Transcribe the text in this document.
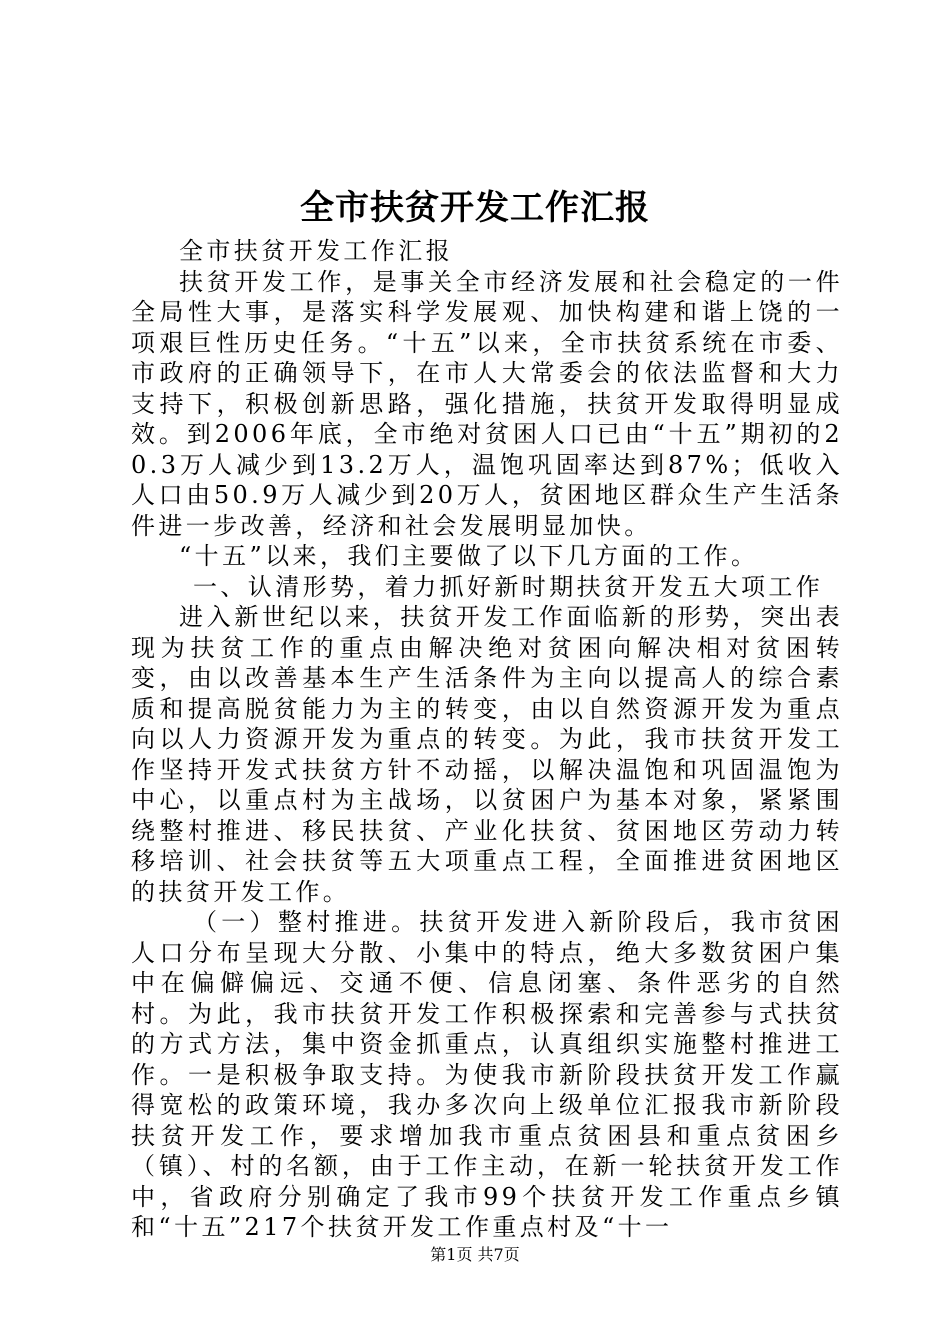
全市扶贫开发工作汇报

全市扶贫开发工作汇报

扶贫开发工作，是事关全市经济发展和社会稳定的一件全局性大事，是落实科学发展观、加快构建和谐上饶的一项艰巨性历史任务。“十五”以来，全市扶贫系统在市委、市政府的正确领导下，在市人大常委会的依法监督和大力支持下，积极创新思路，强化措施，扶贫开发取得明显成效。到2006年底，全市绝对贫困人口已由“十五”期初的20.3万人减少到13.2万人，温饱巩固率达到87%；低收入人口由50.9万人减少到20万人，贫困地区群众生产生活条件进一步改善，经济和社会发展明显加快。

“十五”以来，我们主要做了以下几方面的工作。

一、认清形势，着力抓好新时期扶贫开发五大项工作

进入新世纪以来，扶贫开发工作面临新的形势，突出表现为扶贫工作的重点由解决绝对贫困向解决相对贫困转变，由以改善基本生产生活条件为主向以提高人的综合素质和提高脱贫能力为主的转变，由以自然资源开发为重点向以人力资源开发为重点的转变。为此，我市扶贫开发工作坚持开发式扶贫方针不动摇，以解决温饱和巩固温饱为中心，以重点村为主战场，以贫困户为基本对象，紧紧围绕整村推进、移民扶贫、产业化扶贫、贫困地区劳动力转移培训、社会扶贫等五大项重点工程，全面推进贫困地区的扶贫开发工作。

（一）整村推进。扶贫开发进入新阶段后，我市贫困人口分布呈现大分散、小集中的特点，绝大多数贫困户集中在偏僻偏远、交通不便、信息闭塞、条件恶劣的自然村。为此，我市扶贫开发工作积极探索和完善参与式扶贫的方式方法，集中资金抓重点，认真组织实施整村推进工作。一是积极争取支持。为使我市新阶段扶贫开发工作赢得宽松的政策环境，我办多次向上级单位汇报我市新阶段扶贫开发工作，要求增加我市重点贫困县和重点贫困乡（镇）、村的名额，由于工作主动，在新一轮扶贫开发工作中，省政府分别确定了我市99个扶贫开发工作重点乡镇和“十五”217个扶贫开发工作重点村及“十一

第1页 共7页
